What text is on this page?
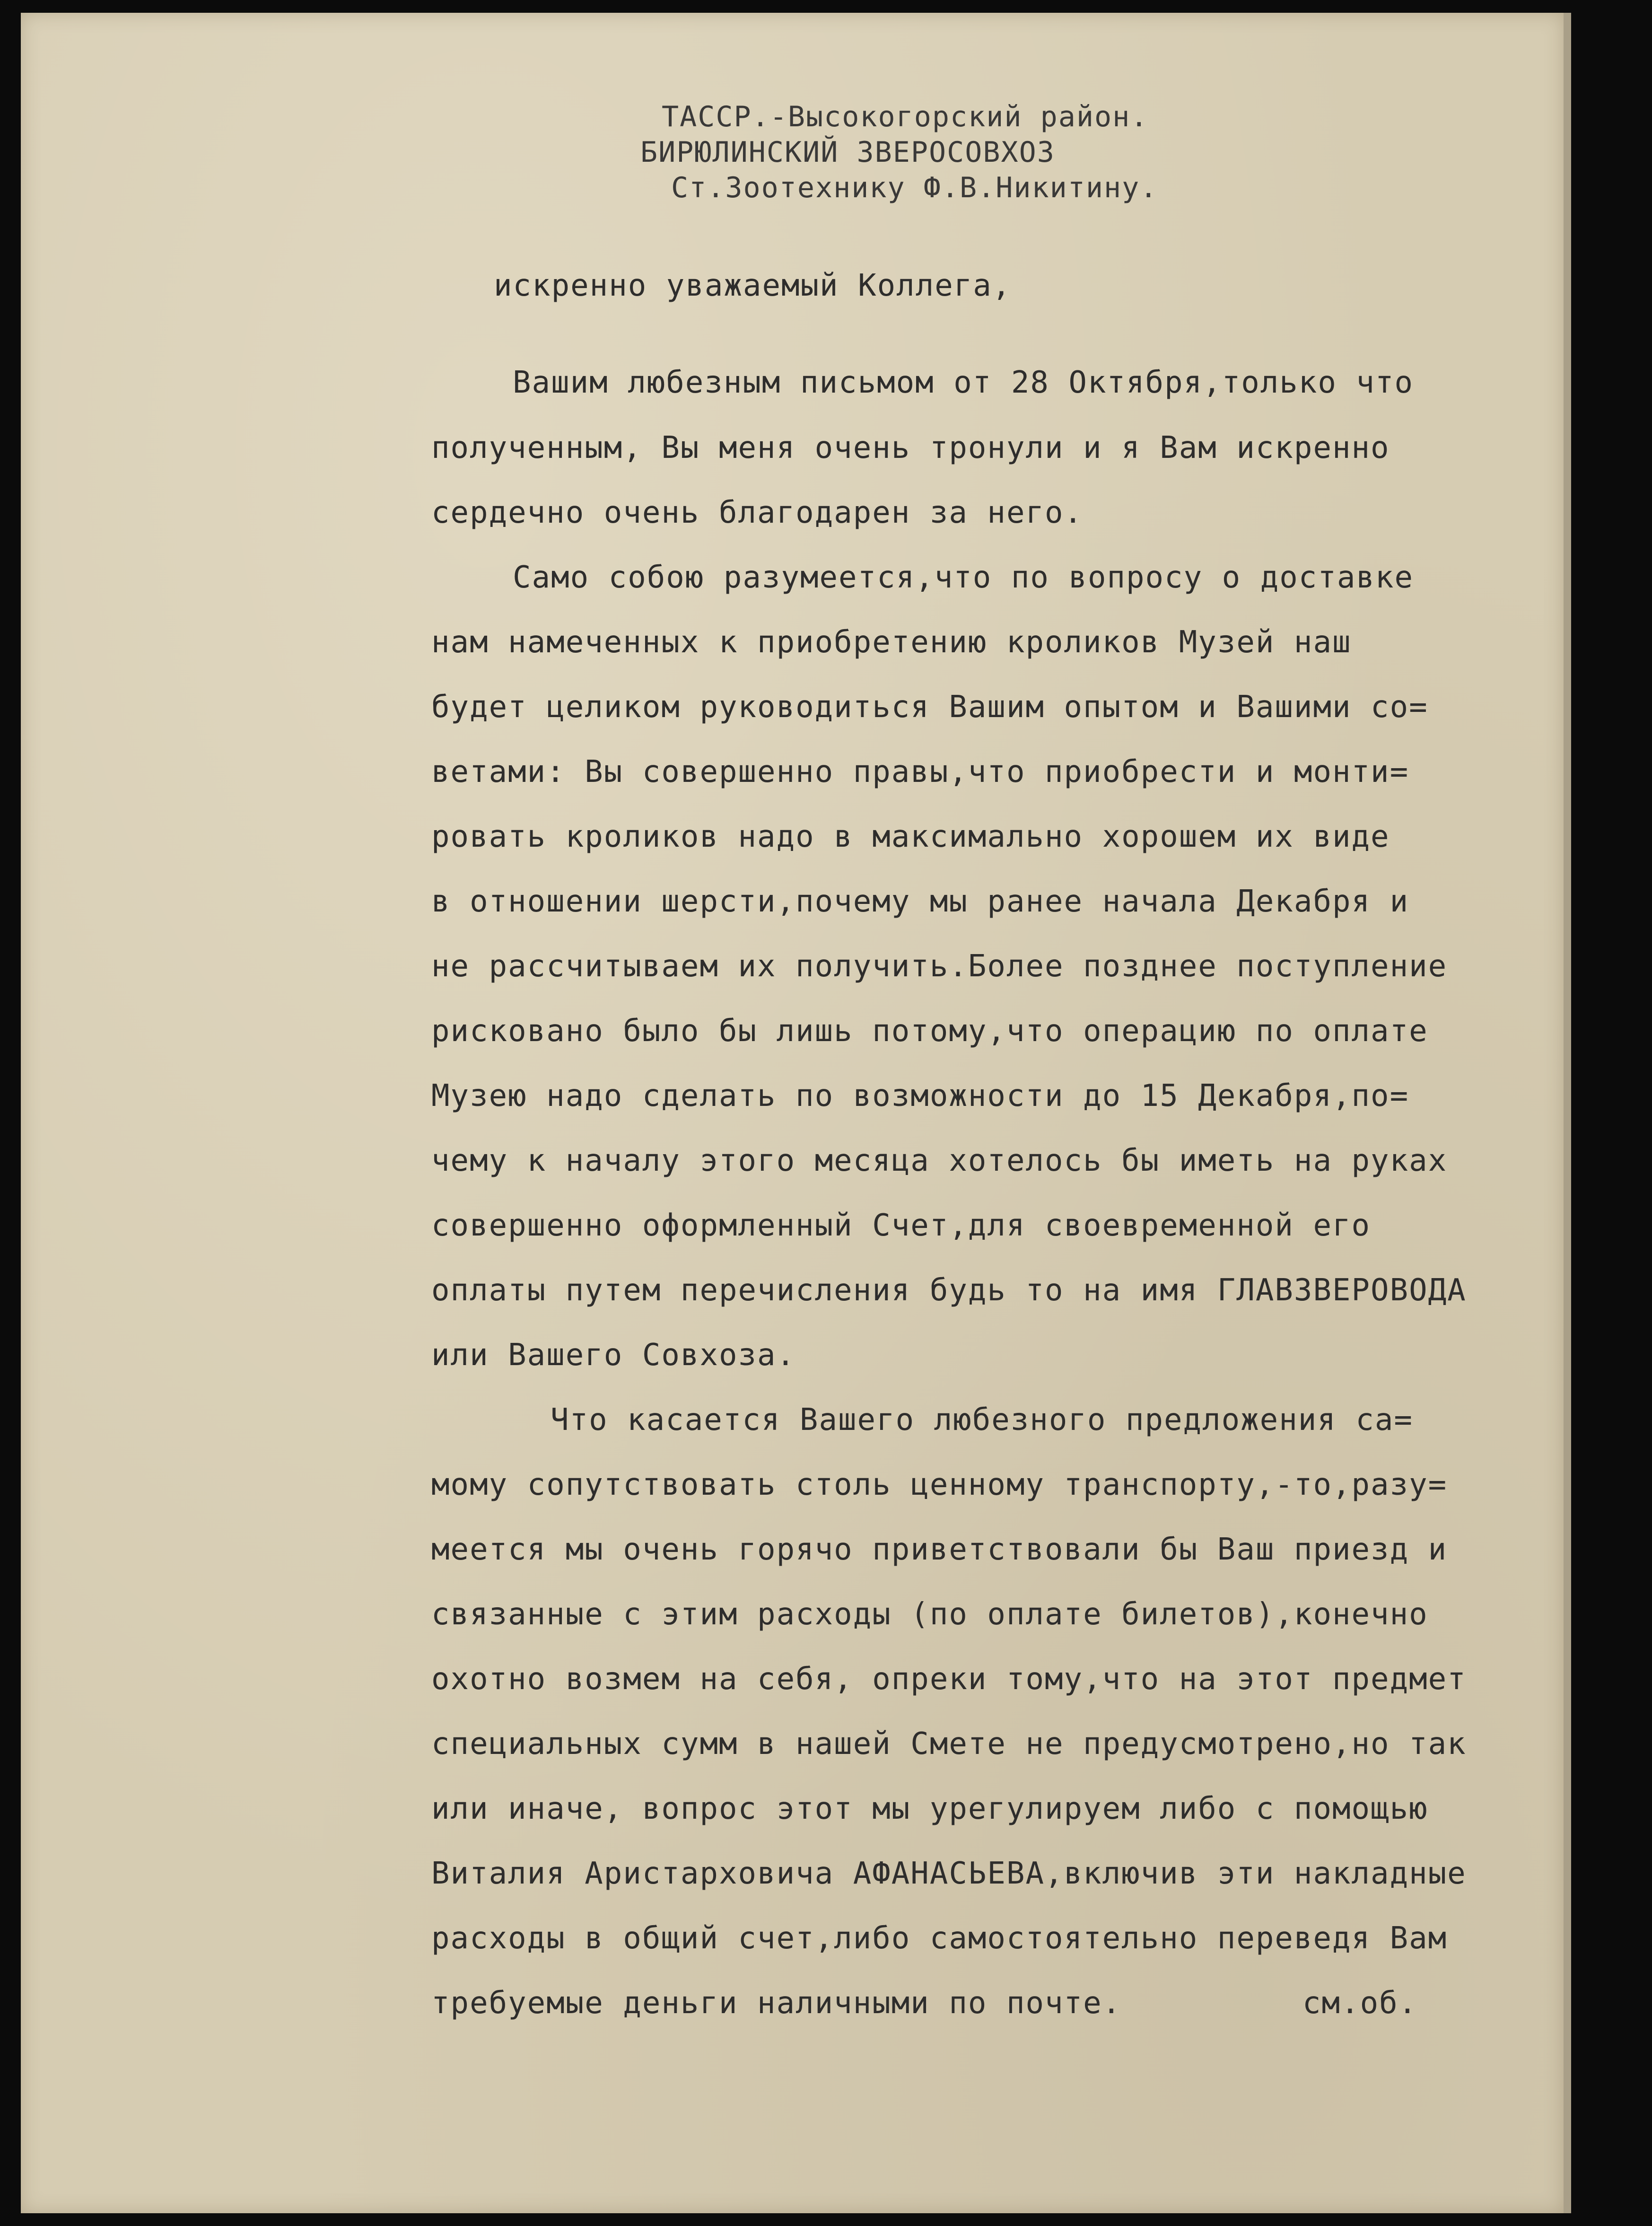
ТАССР.-Высокогорский район.
БИРЮЛИНСКИЙ ЗВЕРОСОВХОЗ
Ст.Зоотехнику Ф.В.Никитину.
искренно уважаемый Коллега,
Вашим любезным письмом от 28 Октября,только что
полученным, Вы меня очень тронули и я Вам искренно
сердечно очень благодарен за него.
Само собою разумеется,что по вопросу о доставке
нам намеченных к приобретению кроликов Музей наш
будет целиком руководиться Вашим опытом и Вашими со=
ветами: Вы совершенно правы,что приобрести и монти=
ровать кроликов надо в максимально хорошем их виде
в отношении шерсти,почему мы ранее начала Декабря и
не рассчитываем их получить.Более позднее поступление
рисковано было бы лишь потому,что операцию по оплате
Музею надо сделать по возможности до 15 Декабря,по=
чему к началу этого месяца хотелось бы иметь на руках
совершенно оформленный Счет,для своевременной его
оплаты путем перечисления будь то на имя ГЛАВЗВЕРОВОДА
или Вашего Совхоза.
Что касается Вашего любезного предложения са=
мому сопутствовать столь ценному транспорту,-то,разу=
меется мы очень горячо приветствовали бы Ваш приезд и
связанные с этим расходы (по оплате билетов),конечно
охотно возмем на себя, опреки тому,что на этот предмет
специальных сумм в нашей Смете не предусмотрено,но так
или иначе, вопрос этот мы урегулируем либо с помощью
Виталия Аристарховича АФАНАСЬЕВА,включив эти накладные
расходы в общий счет,либо самостоятельно переведя Вам
требуемые деньги наличными по почте.	см.об.
